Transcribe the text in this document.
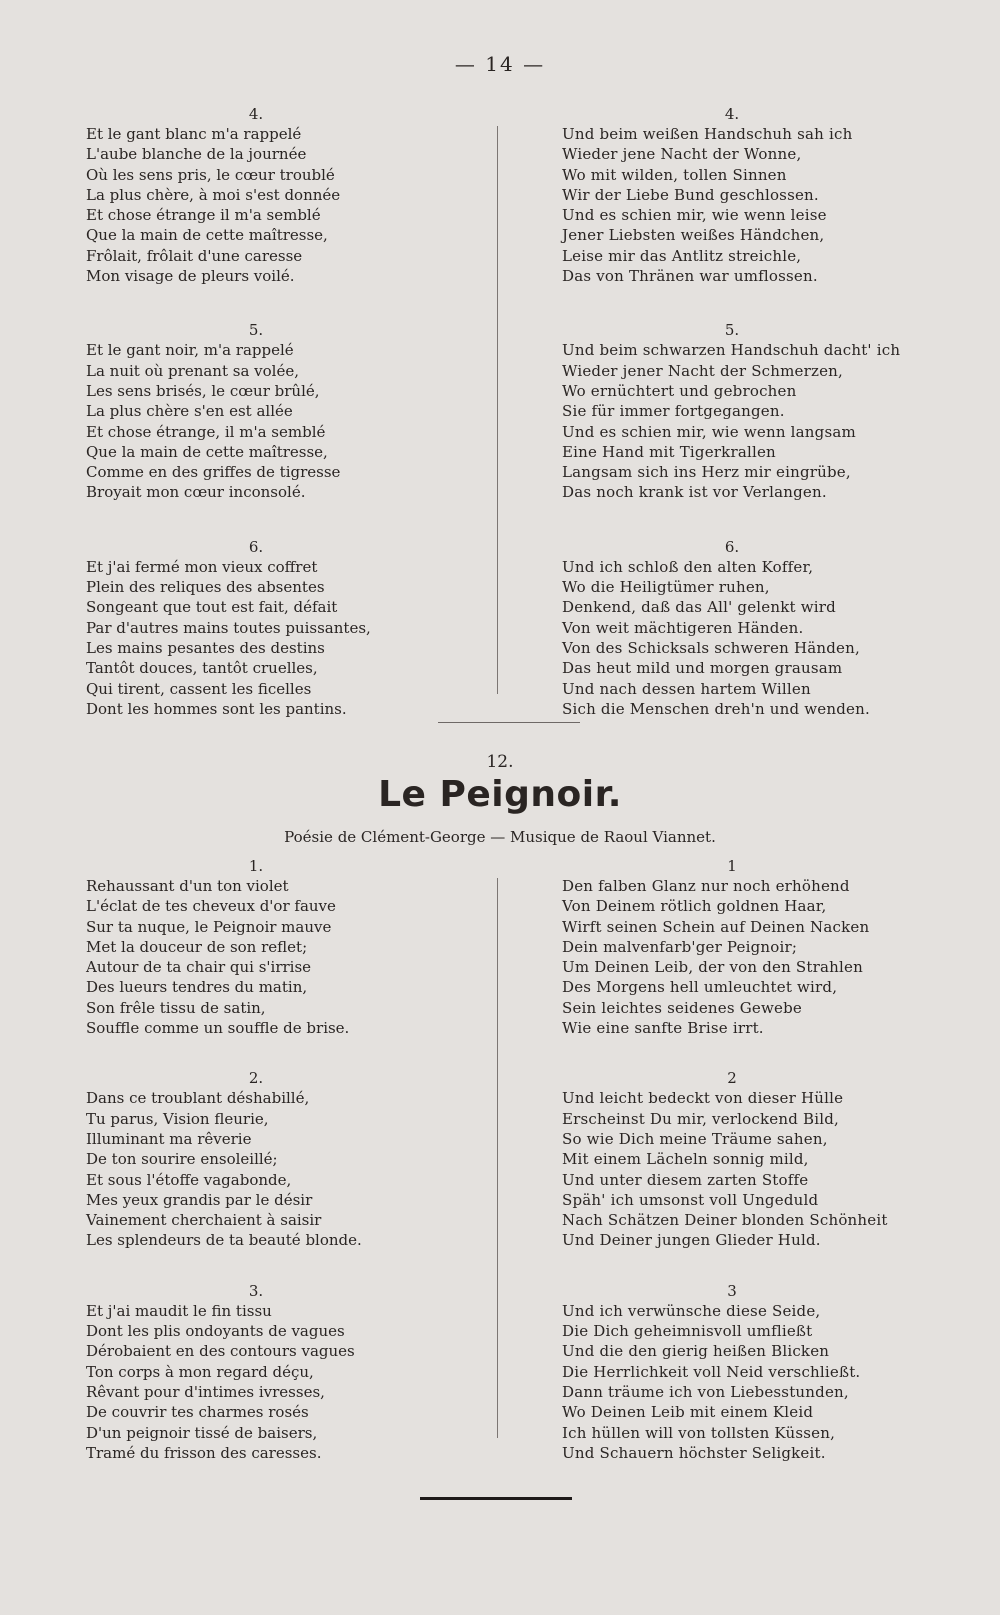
— 14 —
4.
Et le gant blanc m'a rappelé
L'aube blanche de la journée
Où les sens pris, le cœur troublé
La plus chère, à moi s'est donnée
Et chose étrange il m'a semblé
Que la main de cette maîtresse,
Frôlait, frôlait d'une caresse
Mon visage de pleurs voilé.
5.
Et le gant noir, m'a rappelé
La nuit où prenant sa volée,
Les sens brisés, le cœur brûlé,
La plus chère s'en est allée
Et chose étrange, il m'a semblé
Que la main de cette maîtresse,
Comme en des griffes de tigresse
Broyait mon cœur inconsolé.
6.
Et j'ai fermé mon vieux coffret
Plein des reliques des absentes
Songeant que tout est fait, défait
Par d'autres mains toutes puissantes,
Les mains pesantes des destins
Tantôt douces, tantôt cruelles,
Qui tirent, cassent les ficelles
Dont les hommes sont les pantins.
4.
Und beim weißen Handschuh sah ich
Wieder jene Nacht der Wonne,
Wo mit wilden, tollen Sinnen
Wir der Liebe Bund geschlossen.
Und es schien mir, wie wenn leise
Jener Liebsten weißes Händchen,
Leise mir das Antlitz streichle,
Das von Thränen war umflossen.
5.
Und beim schwarzen Handschuh dacht' ich
Wieder jener Nacht der Schmerzen,
Wo ernüchtert und gebrochen
Sie für immer fortgegangen.
Und es schien mir, wie wenn langsam
Eine Hand mit Tigerkrallen
Langsam sich ins Herz mir eingrübe,
Das noch krank ist vor Verlangen.
6.
Und ich schloß den alten Koffer,
Wo die Heiligtümer ruhen,
Denkend, daß das All' gelenkt wird
Von weit mächtigeren Händen.
Von des Schicksals schweren Händen,
Das heut mild und morgen grausam
Und nach dessen hartem Willen
Sich die Menschen dreh'n und wenden.
12.
Le Peignoir.
Poésie de Clément-George — Musique de Raoul Viannet.
1.
Rehaussant d'un ton violet
L'éclat de tes cheveux d'or fauve
Sur ta nuque, le Peignoir mauve
Met la douceur de son reflet;
Autour de ta chair qui s'irrise
Des lueurs tendres du matin,
Son frêle tissu de satin,
Souffle comme un souffle de brise.
2.
Dans ce troublant déshabillé,
Tu parus, Vision fleurie,
Illuminant ma rêverie
De ton sourire ensoleillé;
Et sous l'étoffe vagabonde,
Mes yeux grandis par le désir
Vainement cherchaient à saisir
Les splendeurs de ta beauté blonde.
3.
Et j'ai maudit le fin tissu
Dont les plis ondoyants de vagues
Dérobaient en des contours vagues
Ton corps à mon regard déçu,
Rêvant pour d'intimes ivresses,
De couvrir tes charmes rosés
D'un peignoir tissé de baisers,
Tramé du frisson des caresses.
1
Den falben Glanz nur noch erhöhend
Von Deinem rötlich goldnen Haar,
Wirft seinen Schein auf Deinen Nacken
Dein malvenfarb'ger Peignoir;
Um Deinen Leib, der von den Strahlen
Des Morgens hell umleuchtet wird,
Sein leichtes seidenes Gewebe
Wie eine sanfte Brise irrt.
2
Und leicht bedeckt von dieser Hülle
Erscheinst Du mir, verlockend Bild,
So wie Dich meine Träume sahen,
Mit einem Lächeln sonnig mild,
Und unter diesem zarten Stoffe
Späh' ich umsonst voll Ungeduld
Nach Schätzen Deiner blonden Schönheit
Und Deiner jungen Glieder Huld.
3
Und ich verwünsche diese Seide,
Die Dich geheimnisvoll umfließt
Und die den gierig heißen Blicken
Die Herrlichkeit voll Neid verschließt.
Dann träume ich von Liebesstunden,
Wo Deinen Leib mit einem Kleid
Ich hüllen will von tollsten Küssen,
Und Schauern höchster Seligkeit.
